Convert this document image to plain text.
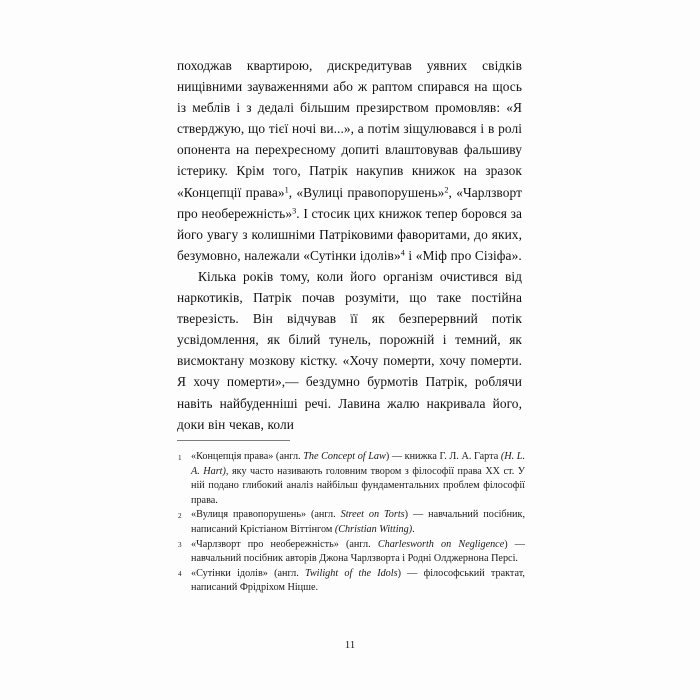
походжав квартирою, дискредитував уявних свідків нищівними зауваженнями або ж раптом спирався на щось із меблів і з дедалі більшим презирством промовляв: «Я стверджую, що тієї ночі ви...», а потім зіщулювався і в ролі опонента на перехресному допиті влаштовував фальшиву істерику. Крім того, Патрік накупив книжок на зразок «Концепції права»$^1$, «Вулиці правопорушень»$^2$, «Чарлзворт про необережність»$^3$. І стосик цих книжок тепер боровся за його увагу з колишніми Патріковими фаворитами, до яких, безумовно, належали «Сутінки ідолів»$^4$ і «Міф про Сізіфа».

Кілька років тому, коли його організм очистився від наркотиків, Патрік почав розуміти, що таке постійна тверезість. Він відчував її як безперервний потік усвідомлення, як білий тунель, порожній і темний, як висмоктану мозкову кістку. «Хочу померти, хочу померти. Я хочу померти»,— бездумно бурмотів Патрік, роблячи навіть найбуденніші речі. Лавина жалю накривала його, доки він чекав, коли

1 «Концепція права» (англ. The Concept of Law) — книжка Г. Л. А. Гарта (H. L. A. Hart), яку часто називають головним твором з філософії права XX ст. У ній подано глибокий аналіз найбільш фундаментальних проблем філософії права.

2 «Вулиця правопорушень» (англ. Street on Torts) — навчальний посібник, написаний Крістіаном Віттінгом (Christian Witting).

3 «Чарлзворт про необережність» (англ. Charlesworth on Negligence) — навчальний посібник авторів Джона Чарлзворта і Родні Олджернона Персі.

4 «Сутінки ідолів» (англ. Twilight of the Idols) — філософський трактат, написаний Фрідріхом Ніцше.

11
